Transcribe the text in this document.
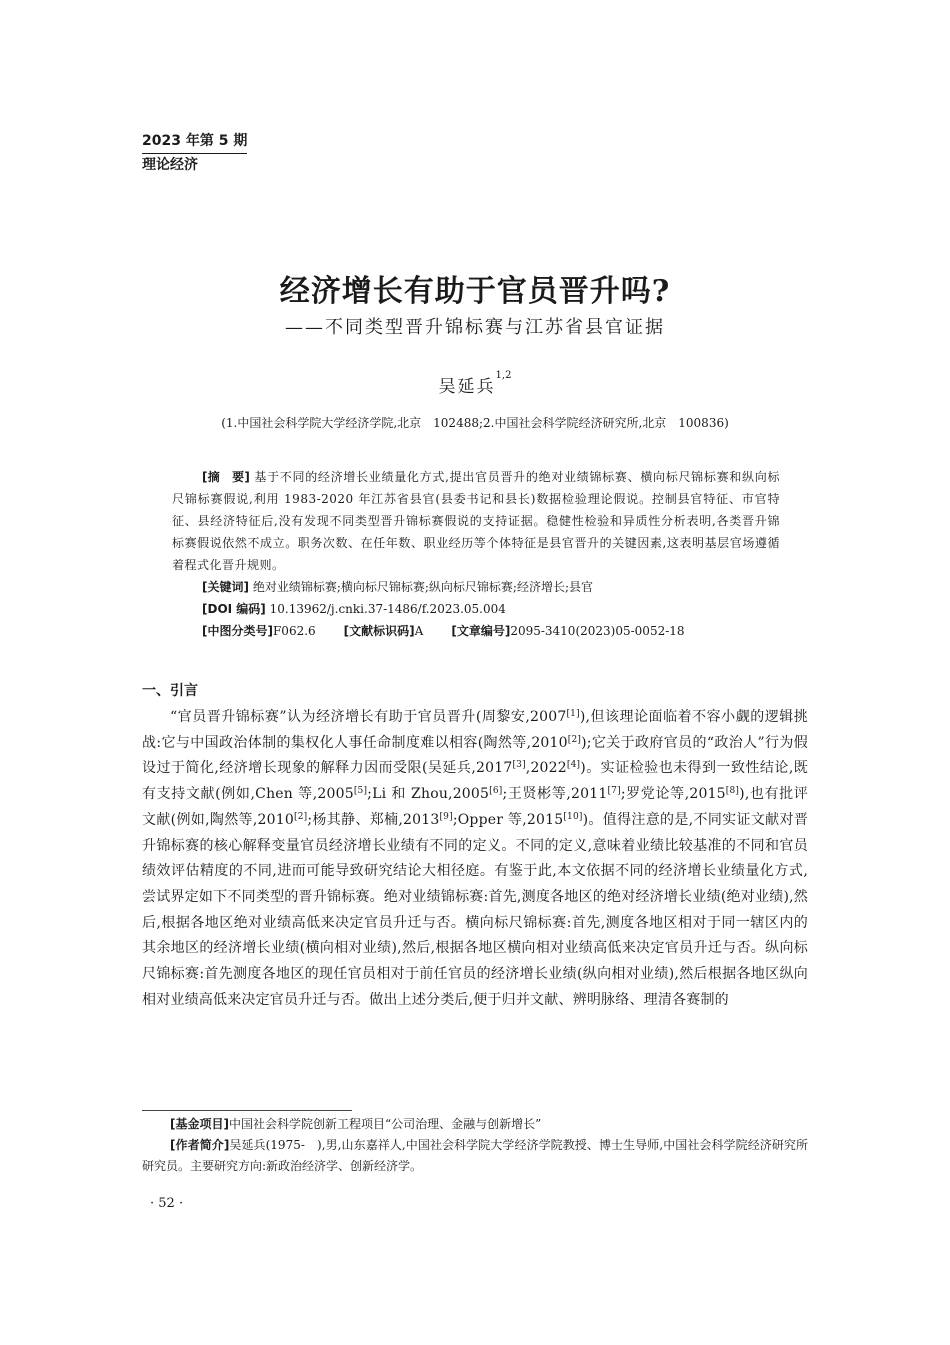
2023 年第 5 期
理论经济
经济增长有助于官员晋升吗?
——不同类型晋升锦标赛与江苏省县官证据
吴延兵$^{1,2}$
(1.中国社会科学院大学经济学院,北京　102488;2.中国社会科学院经济研究所,北京　100836)

[摘　要] 基于不同的经济增长业绩量化方式,提出官员晋升的绝对业绩锦标赛、横向标尺锦标赛和纵向标尺锦标赛假说,利用 1983-2020 年江苏省县官(县委书记和县长)数据检验理论假说。控制县官特征、市官特征、县经济特征后,没有发现不同类型晋升锦标赛假说的支持证据。稳健性检验和异质性分析表明,各类晋升锦标赛假说依然不成立。职务次数、在任年数、职业经历等个体特征是县官晋升的关键因素,这表明基层官场遵循着程式化晋升规则。

[关键词] 绝对业绩锦标赛;横向标尺锦标赛;纵向标尺锦标赛;经济增长;县官

[DOI 编码] 10.13962/j.cnki.37-1486/f.2023.05.004

[中图分类号]F062.6 [文献标识码]A [文章编号]2095-3410(2023)05-0052-18

一、引言

“官员晋升锦标赛”认为经济增长有助于官员晋升(周黎安,2007[1]),但该理论面临着不容小觑的逻辑挑战:它与中国政治体制的集权化人事任命制度难以相容(陶然等,2010[2]);它关于政府官员的“政治人”行为假设过于简化,经济增长现象的解释力因而受限(吴延兵,2017[3],2022[4])。实证检验也未得到一致性结论,既有支持文献(例如,Chen 等,2005[5];Li 和 Zhou,2005[6];王贤彬等,2011[7];罗党论等,2015[8]),也有批评文献(例如,陶然等,2010[2];杨其静、郑楠,2013[9];Opper 等,2015[10])。值得注意的是,不同实证文献对晋升锦标赛的核心解释变量官员经济增长业绩有不同的定义。不同的定义,意味着业绩比较基准的不同和官员绩效评估精度的不同,进而可能导致研究结论大相径庭。有鉴于此,本文依据不同的经济增长业绩量化方式,尝试界定如下不同类型的晋升锦标赛。绝对业绩锦标赛:首先,测度各地区的绝对经济增长业绩(绝对业绩),然后,根据各地区绝对业绩高低来决定官员升迁与否。横向标尺锦标赛:首先,测度各地区相对于同一辖区内的其余地区的经济增长业绩(横向相对业绩),然后,根据各地区横向相对业绩高低来决定官员升迁与否。纵向标尺锦标赛:首先测度各地区的现任官员相对于前任官员的经济增长业绩(纵向相对业绩),然后根据各地区纵向相对业绩高低来决定官员升迁与否。做出上述分类后,便于归并文献、辨明脉络、理清各赛制的

[基金项目]中国社会科学院创新工程项目“公司治理、金融与创新增长”

[作者简介]吴延兵(1975-　),男,山东嘉祥人,中国社会科学院大学经济学院教授、博士生导师,中国社会科学院经济研究所研究员。主要研究方向:新政治经济学、创新经济学。

· 52 ·
